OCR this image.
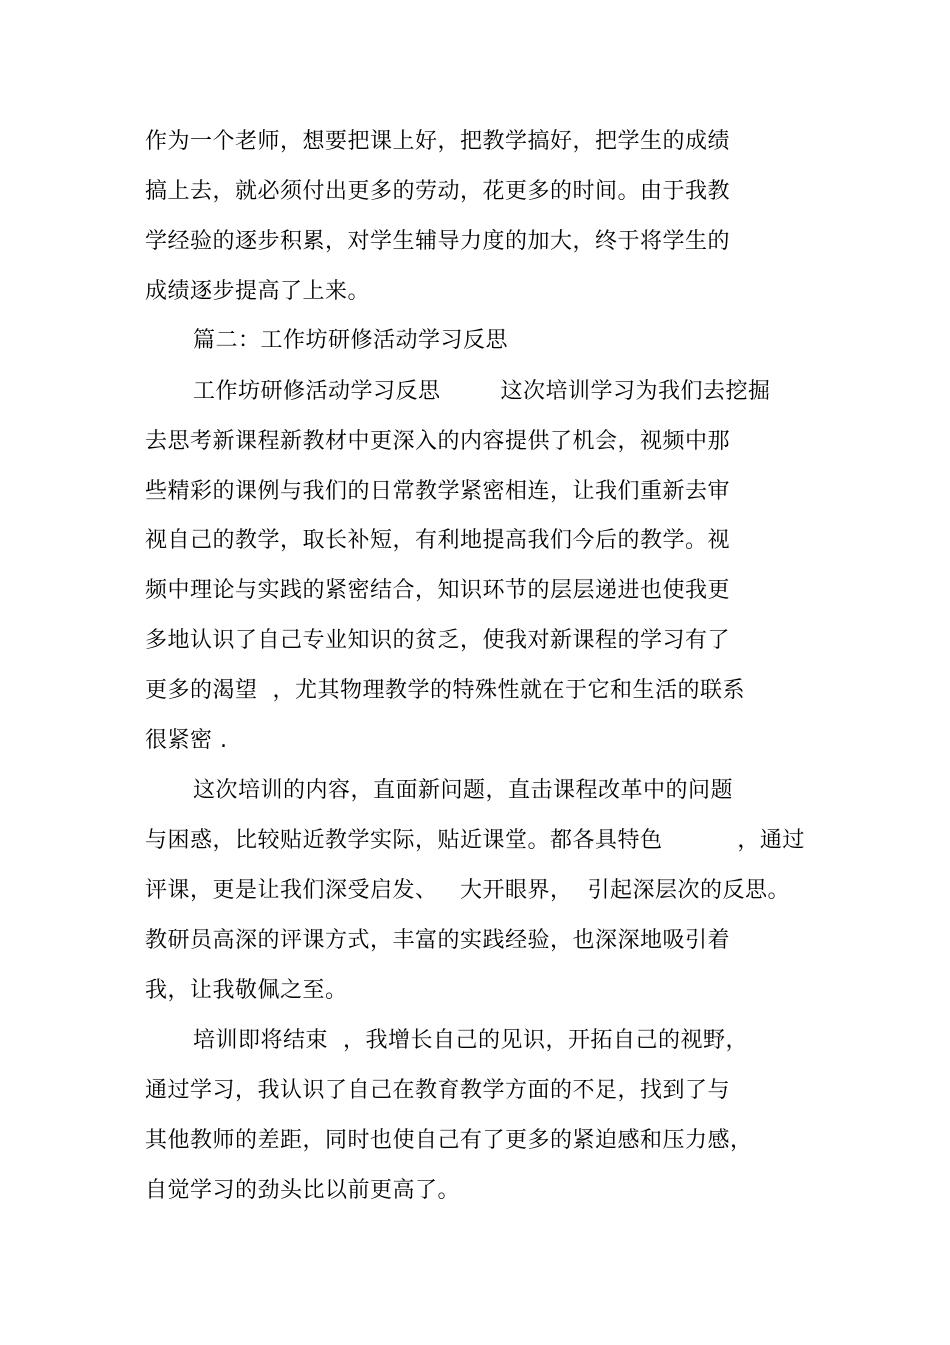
作为一个老师，想要把课上好，把教学搞好，把学生的成绩
搞上去，就必须付出更多的劳动，花更多的时间。由于我教
学经验的逐步积累，对学生辅导力度的加大，终于将学生的
成绩逐步提高了上来。
篇二：工作坊研修活动学习反思
工作坊研修活动学习反思        这次培训学习为我们去挖掘
去思考新课程新教材中更深入的内容提供了机会，视频中那
些精彩的课例与我们的日常教学紧密相连，让我们重新去审
视自己的教学，取长补短，有利地提高我们今后的教学。视
频中理论与实践的紧密结合，知识环节的层层递进也使我更
多地认识了自己专业知识的贫乏，使我对新课程的学习有了
更多的渴望  ，尤其物理教学的特殊性就在于它和生活的联系
很紧密 .
这次培训的内容，直面新问题，直击课程改革中的问题
与困惑，比较贴近教学实际，贴近课堂。都各具特色          ，通过
评课，更是让我们深受启发、   大开眼界，  引起深层次的反思。
教研员高深的评课方式，丰富的实践经验，也深深地吸引着
我，让我敬佩之至。
培训即将结束  ，我增长自己的见识，开拓自己的视野，
通过学习，我认识了自己在教育教学方面的不足，找到了与
其他教师的差距，同时也使自己有了更多的紧迫感和压力感，
自觉学习的劲头比以前更高了。
